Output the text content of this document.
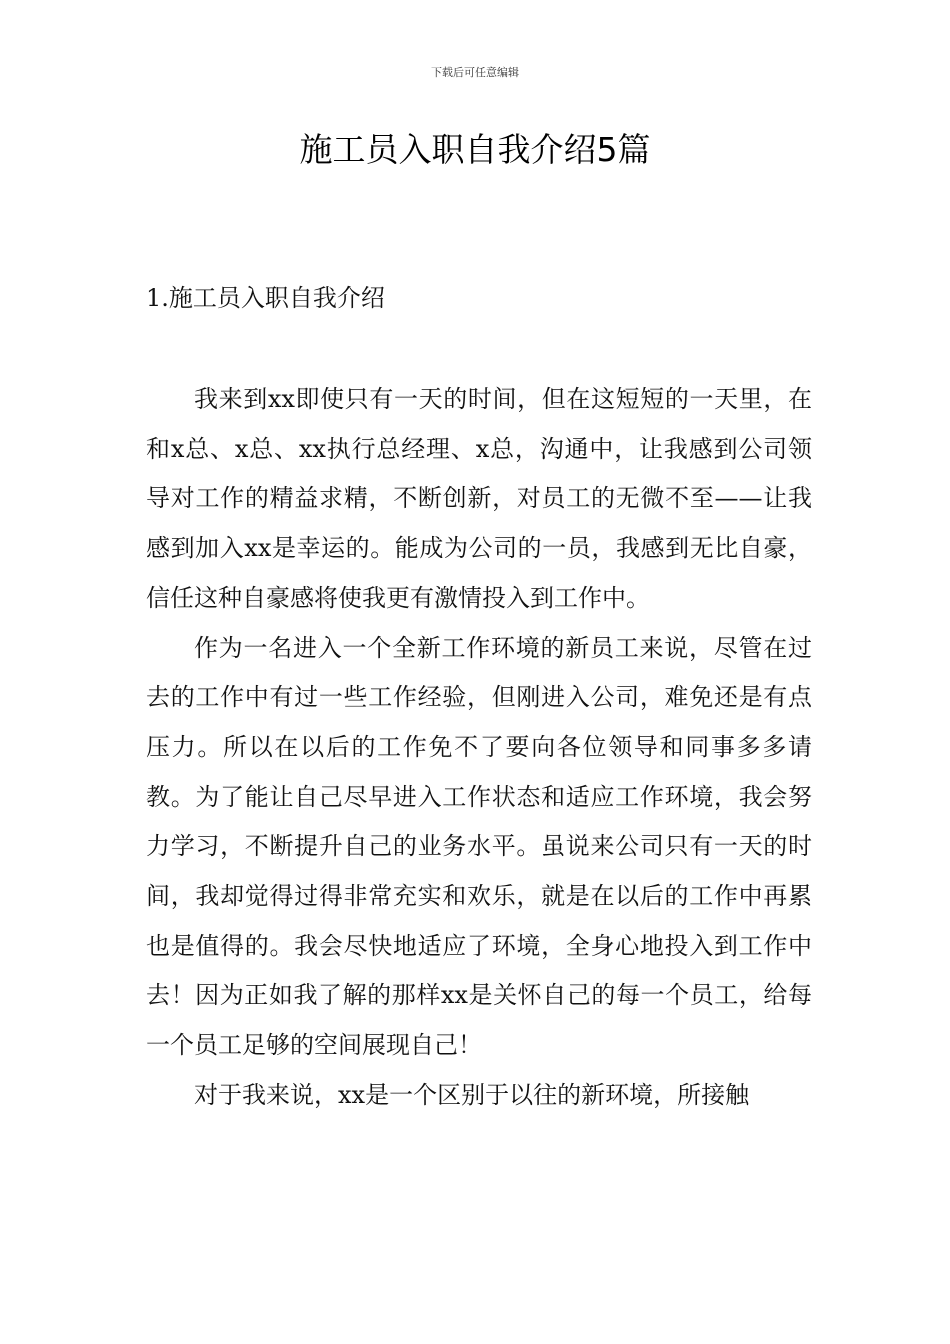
下载后可任意编辑
施工员入职自我介绍5篇
1.施工员入职自我介绍

我来到xx即使只有一天的时间，但在这短短的一天里，在和x总、x总、xx执行总经理、x总，沟通中，让我感到公司领导对工作的精益求精，不断创新，对员工的无微不至——让我感到加入xx是幸运的。能成为公司的一员，我感到无比自豪，信任这种自豪感将使我更有激情投入到工作中。

作为一名进入一个全新工作环境的新员工来说，尽管在过去的工作中有过一些工作经验，但刚进入公司，难免还是有点压力。所以在以后的工作免不了要向各位领导和同事多多请教。为了能让自己尽早进入工作状态和适应工作环境，我会努力学习，不断提升自己的业务水平。虽说来公司只有一天的时间，我却觉得过得非常充实和欢乐，就是在以后的工作中再累也是值得的。我会尽快地适应了环境，全身心地投入到工作中去！因为正如我了解的那样xx是关怀自己的每一个员工，给每一个员工足够的空间展现自己！

对于我来说，xx是一个区别于以往的新环境，所接触
